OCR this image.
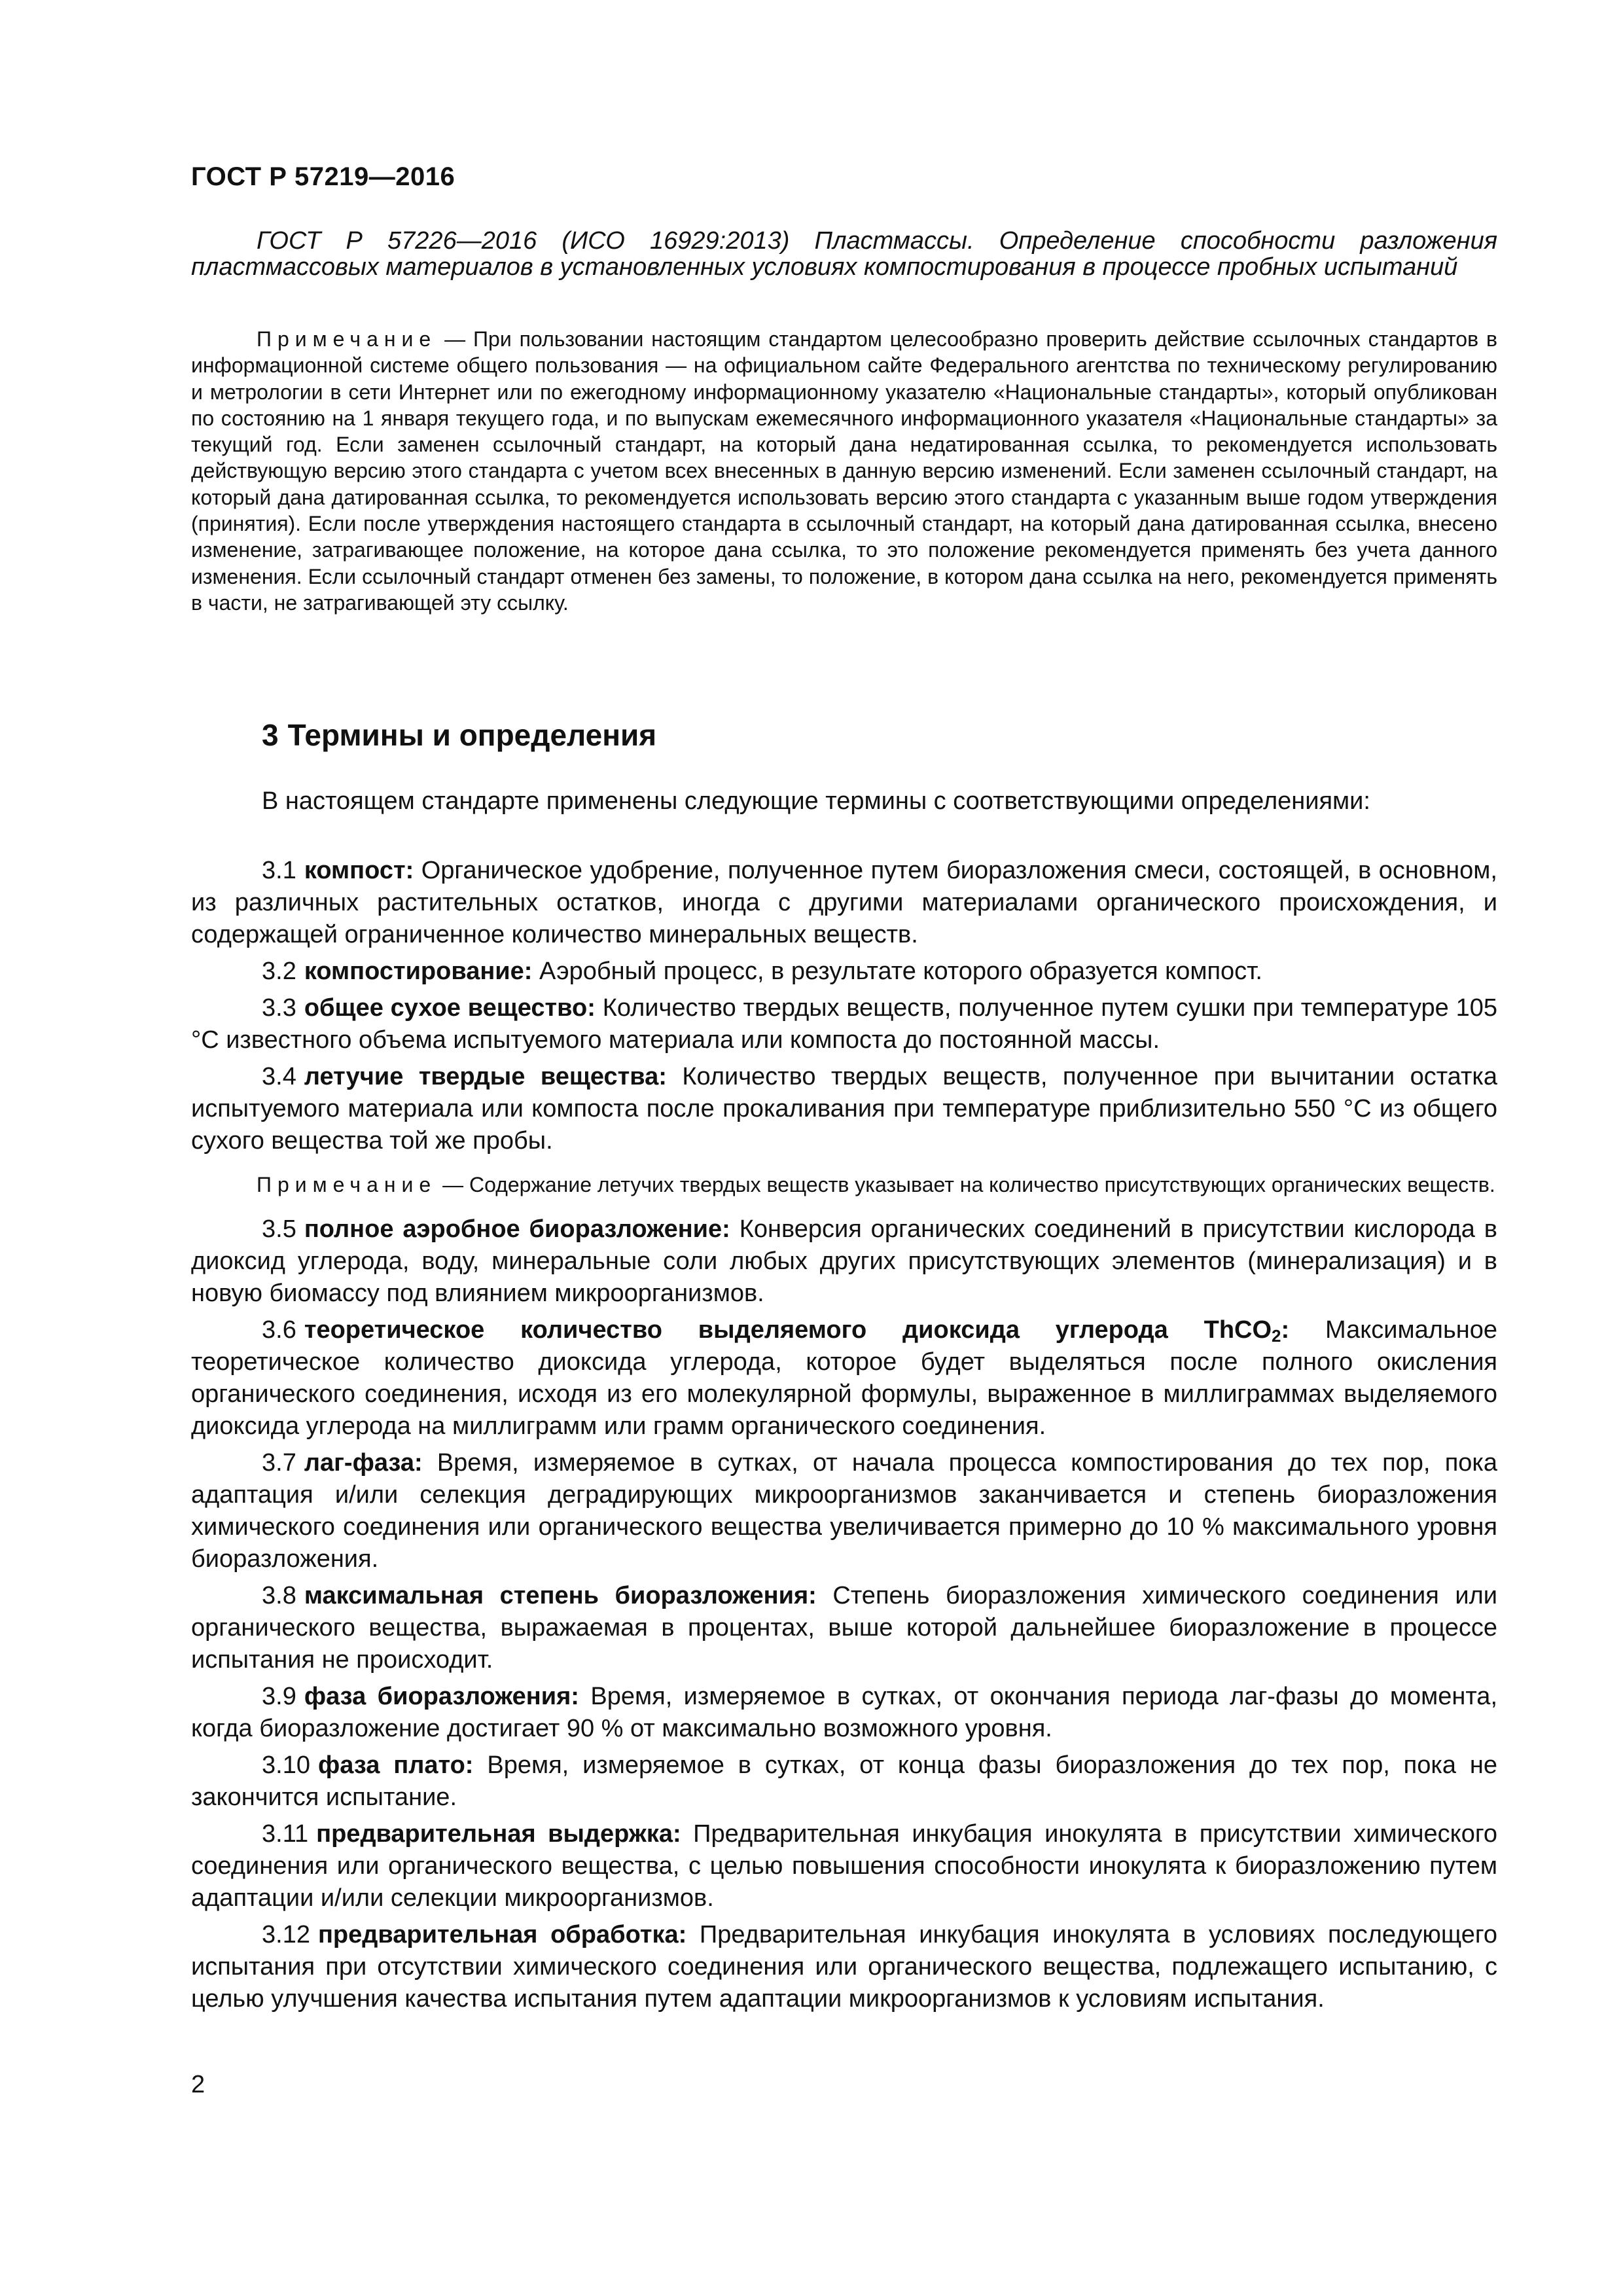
ГОСТ Р 57219—2016

ГОСТ Р 57226—2016 (ИСО 16929:2013) Пластмассы. Определение способности разложения пластмассовых материалов в установленных условиях компостирования в процессе пробных испытаний

Примечание — При пользовании настоящим стандартом целесообразно проверить действие ссылочных стандартов в информационной системе общего пользования — на официальном сайте Федерального агентства по техническому регулированию и метрологии в сети Интернет или по ежегодному информационному указателю «Национальные стандарты», который опубликован по состоянию на 1 января текущего года, и по выпускам ежемесячного информационного указателя «Национальные стандарты» за текущий год. Если заменен ссылочный стандарт, на который дана недатированная ссылка, то рекомендуется использовать действующую версию этого стандарта с учетом всех внесенных в данную версию изменений. Если заменен ссылочный стандарт, на который дана датированная ссылка, то рекомендуется использовать версию этого стандарта с указанным выше годом утверждения (принятия). Если после утверждения настоящего стандарта в ссылочный стандарт, на который дана датированная ссылка, внесено изменение, затрагивающее положение, на которое дана ссылка, то это положение рекомендуется применять без учета данного изменения. Если ссылочный стандарт отменен без замены, то положение, в котором дана ссылка на него, рекомендуется применять в части, не затрагивающей эту ссылку.

3 Термины и определения

В настоящем стандарте применены следующие термины с соответствующими определениями:

3.1 компост: Органическое удобрение, полученное путем биоразложения смеси, состоящей, в основном, из различных растительных остатков, иногда с другими материалами органического происхождения, и содержащей ограниченное количество минеральных веществ.

3.2 компостирование: Аэробный процесс, в результате которого образуется компост.

3.3 общее сухое вещество: Количество твердых веществ, полученное путем сушки при температуре 105 °С известного объема испытуемого материала или компоста до постоянной массы.

3.4 летучие твердые вещества: Количество твердых веществ, полученное при вычитании остатка испытуемого материала или компоста после прокаливания при температуре приблизительно 550 °С из общего сухого вещества той же пробы.

Примечание — Содержание летучих твердых веществ указывает на количество присутствующих органических веществ.

3.5 полное аэробное биоразложение: Конверсия органических соединений в присутствии кислорода в диоксид углерода, воду, минеральные соли любых других присутствующих элементов (минерализация) и в новую биомассу под влиянием микроорганизмов.

3.6 теоретическое количество выделяемого диоксида углерода ThCO$_2$: Максимальное теоретическое количество диоксида углерода, которое будет выделяться после полного окисления органического соединения, исходя из его молекулярной формулы, выраженное в миллиграммах выделяемого диоксида углерода на миллиграмм или грамм органического соединения.

3.7 лаг-фаза: Время, измеряемое в сутках, от начала процесса компостирования до тех пор, пока адаптация и/или селекция деградирующих микроорганизмов заканчивается и степень биоразложения химического соединения или органического вещества увеличивается примерно до 10 % максимального уровня биоразложения.

3.8 максимальная степень биоразложения: Степень биоразложения химического соединения или органического вещества, выражаемая в процентах, выше которой дальнейшее биоразложение в процессе испытания не происходит.

3.9 фаза биоразложения: Время, измеряемое в сутках, от окончания периода лаг-фазы до момента, когда биоразложение достигает 90 % от максимально возможного уровня.

3.10 фаза плато: Время, измеряемое в сутках, от конца фазы биоразложения до тех пор, пока не закончится испытание.

3.11 предварительная выдержка: Предварительная инкубация инокулята в присутствии химического соединения или органического вещества, с целью повышения способности инокулята к биоразложению путем адаптации и/или селекции микроорганизмов.

3.12 предварительная обработка: Предварительная инкубация инокулята в условиях последующего испытания при отсутствии химического соединения или органического вещества, подлежащего испытанию, с целью улучшения качества испытания путем адаптации микроорганизмов к условиям испытания.

2
